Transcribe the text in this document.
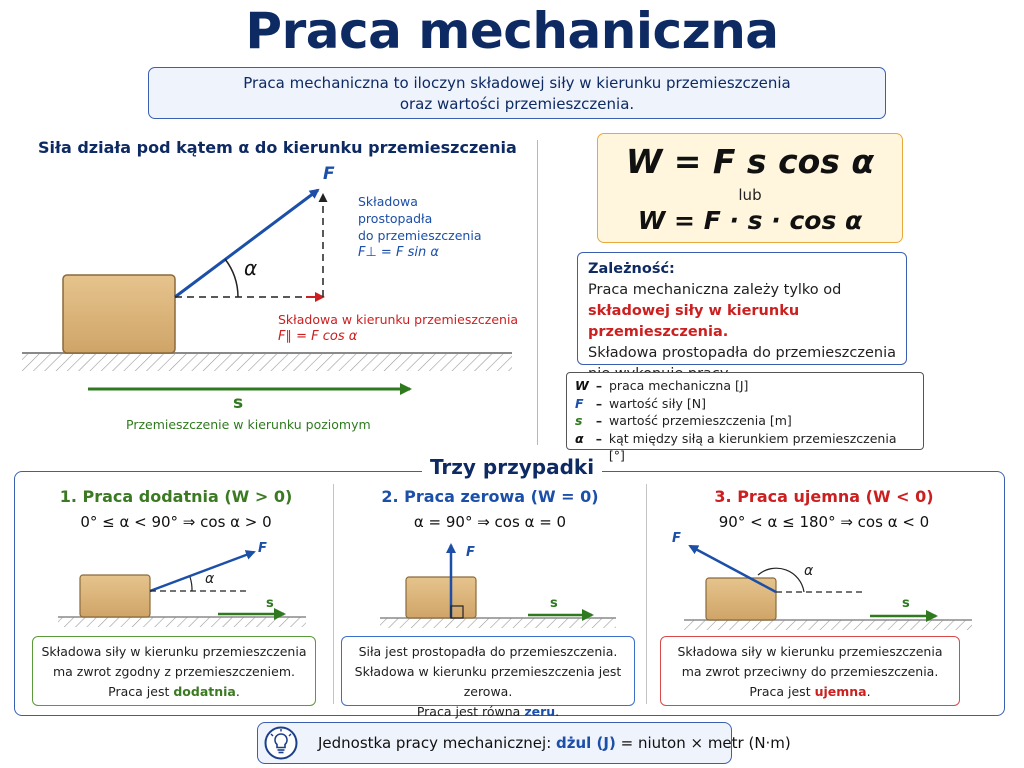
Praca mechaniczna
Praca mechaniczna to iloczyn składowej siły w kierunku przemieszczenia
oraz wartości przemieszczenia.
Siła działa pod kątem α do kierunku przemieszczenia
F
α
Składowa
prostopadła
do przemieszczenia
F⊥ = F sin α
Składowa w kierunku przemieszczenia
F∥ = F cos α
s
Przemieszczenie w kierunku poziomym
W = F s cos α
lub
W = F · s · cos α
Zależność:
Praca mechaniczna zależy tylko od składowej siły w kierunku przemieszczenia.
Składowa prostopadła do przemieszczenia
W – praca mechaniczna [J]
F – wartość siły [N]
s	– wartość przemieszczenia [m]
α – kąt między siłą a kierunkiem przemieszczenia [°]
Trzy przypadki
1. Praca dodatnia (W > 0)
0° ≤ α < 90° ⇒ cos α > 0
F
α
s
Składowa siły w kierunku przemieszczenia
ma zwrot zgodny z przemieszczeniem.
Praca jest dodatnia.
2. Praca zerowa (W = 0)
α = 90° ⇒ cos α = 0
F
s
Siła jest prostopadła do przemieszczenia.
Składowa w kierunku przemieszczenia jest zerowa.
Praca jest równa zeru.
3. Praca ujemna (W < 0)
90° < α ≤ 180° ⇒ cos α < 0
F
α
s
Składowa siły w kierunku przemieszczenia
ma zwrot przeciwny do przemieszczenia.
Praca jest ujemna.
Jednostka pracy mechanicznej: dżul (J) = niuton × metr (N·m)
